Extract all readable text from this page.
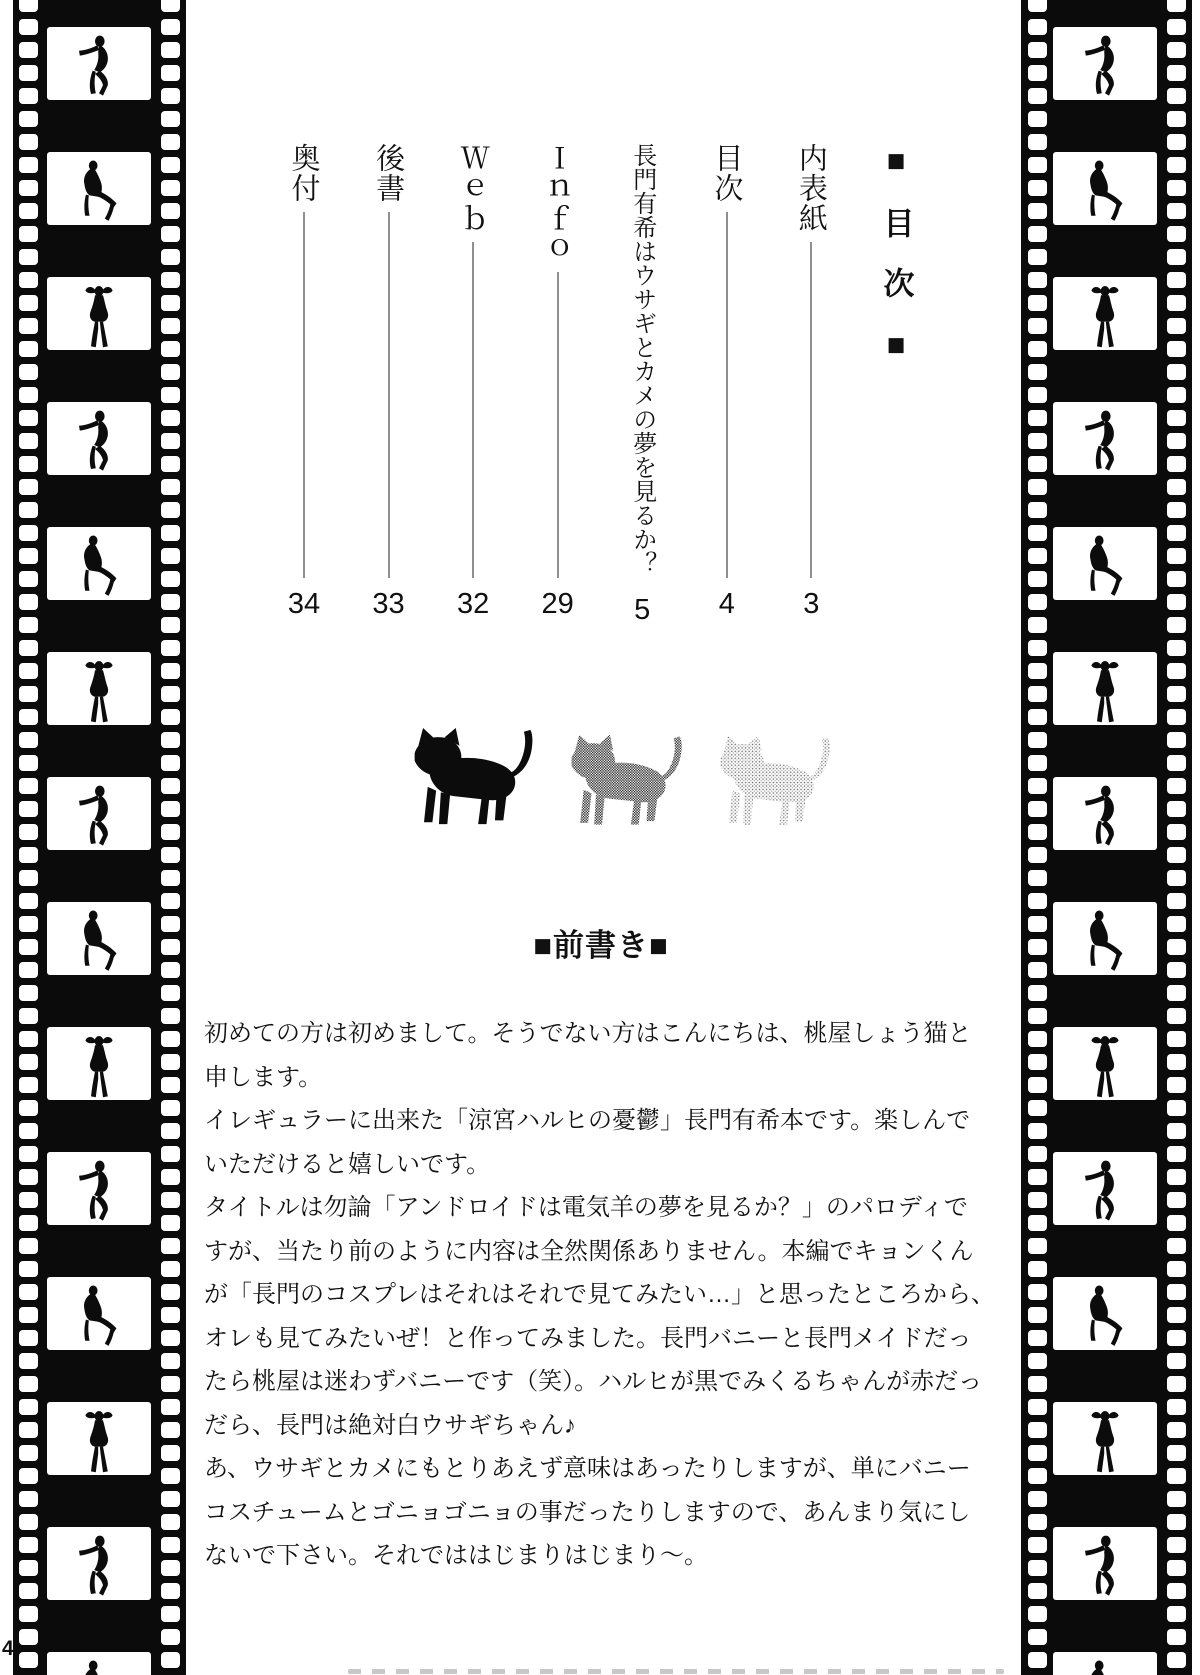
■目次■
内表紙
3
目次
4
長門有希はウサギとカメの夢を見るか？
5
Ｉｎｆｏ
29
Ｗｅｂ
32
後書
33
奥付
34
■前書き■
初めての方は初めまして。そうでない方はこんにちは、桃屋しょう猫と
申します。
イレギュラーに出来た「涼宮ハルヒの憂鬱」長門有希本です。楽しんで
いただけると嬉しいです。
タイトルは勿論「アンドロイドは電気羊の夢を見るか？」のパロディで
すが、当たり前のように内容は全然関係ありません。本編でキョンくん
が「長門のコスプレはそれはそれで見てみたい…」と思ったところから、
オレも見てみたいぜ！と作ってみました。長門バニーと長門メイドだっ
たら桃屋は迷わずバニーです（笑）。ハルヒが黒でみくるちゃんが赤だっ
だら、長門は絶対白ウサギちゃん♪
あ、ウサギとカメにもとりあえず意味はあったりしますが、単にバニー
コスチュームとゴニョゴニョの事だったりしますので、あんまり気にし
ないで下さい。それでははじまりはじまり～。
4
